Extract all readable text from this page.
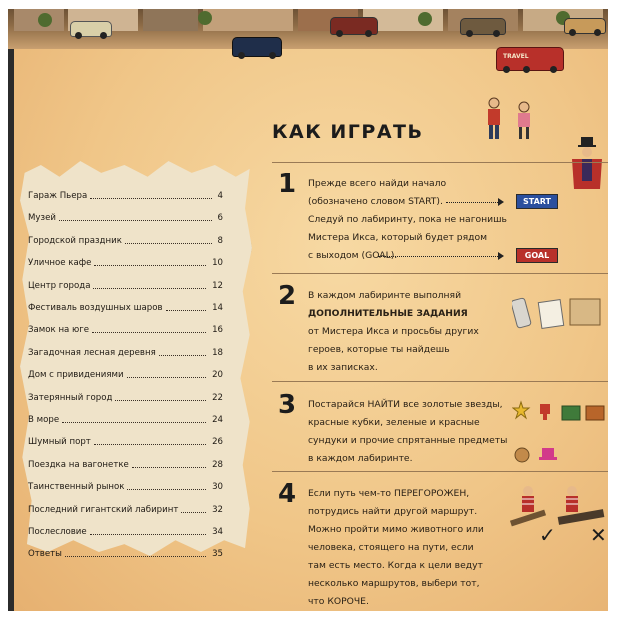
TRAVEL
КАК ИГРАТЬ
1 Прежде всего найди начало
(обозначено словом START).
Следуй по лабиринту, пока не нагонишь
Мистера Икса, который будет рядом
с выходом (GOAL).
START
GOAL
2 В каждом лабиринте выполняй
ДОПОЛНИТЕЛЬНЫЕ ЗАДАНИЯ
от Мистера Икса и просьбы других
героев, которые ты найдешь
в их записках.
3 Постарайся НАЙТИ все золотые звезды,
красные кубки, зеленые и красные
сундуки и прочие спрятанные предметы
в каждом лабиринте.
4 Если путь чем-то ПЕРЕГОРОЖЕН,
потрудись найти другой маршрут.
Можно пройти мимо животного или
человека, стоящего на пути, если
там есть место. Когда к цели ведут
несколько маршрутов, выбери тот,
что КОРОЧЕ.
✓ ✕
Гараж Пьера	4
Музей	6
Городской праздник	8
Уличное кафе	10
Центр города	12
Фестиваль воздушных шаров	14
Замок на юге	16
Загадочная лесная деревня	18
Дом с привидениями	20
Затерянный город	22
В море	24
Шумный порт	26
Поездка на вагонетке	28
Таинственный рынок	30
Последний гигантский лабиринт	32
Послесловие	34
Ответы	35
